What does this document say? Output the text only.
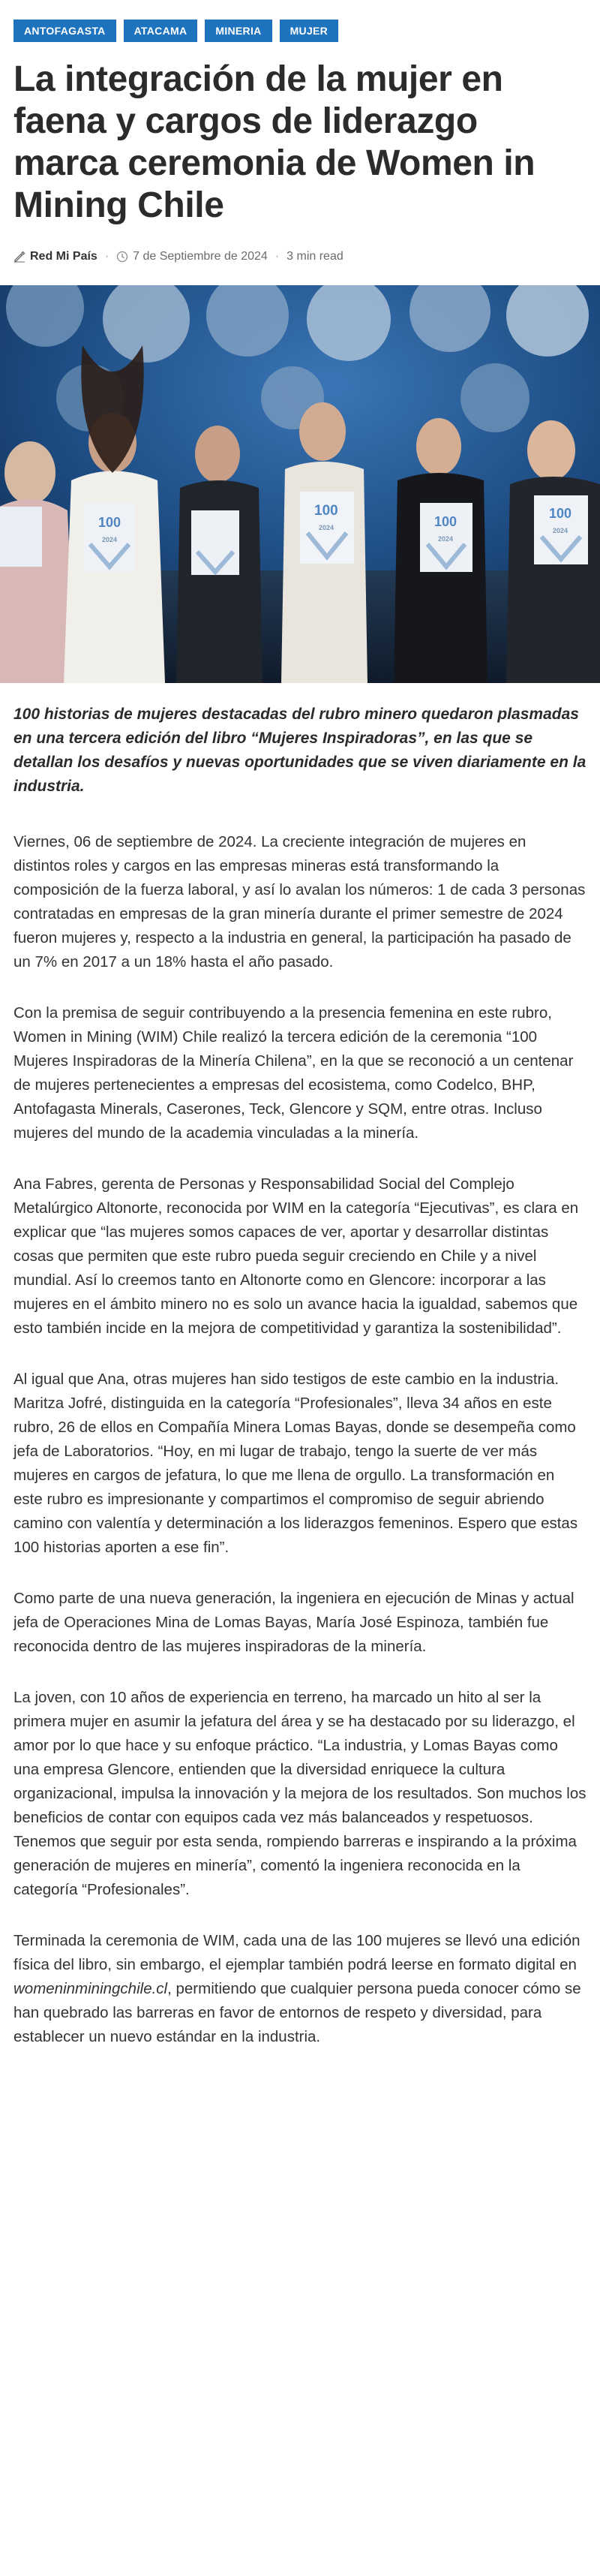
ANTOFAGASTA	ATACAMA	MINERIA	MUJER
La integración de la mujer en faena y cargos de liderazgo marca ceremonia de Women in Mining Chile
Red Mi País · 7 de Septiembre de 2024 · 3 min read
100
100
100
100
2024
2024
2024
2024

100 historias de mujeres destacadas del rubro minero quedaron plasmadas en una tercera edición del libro “Mujeres Inspiradoras”, en las que se detallan los desafíos y nuevas oportunidades que se viven diariamente en la industria.

Viernes, 06 de septiembre de 2024. La creciente integración de mujeres en distintos roles y cargos en las empresas mineras está transformando la composición de la fuerza laboral, y así lo avalan los números: 1 de cada 3 personas contratadas en empresas de la gran minería durante el primer semestre de 2024 fueron mujeres y, respecto a la industria en general, la participación ha pasado de un 7% en 2017 a un 18% hasta el año pasado.

Con la premisa de seguir contribuyendo a la presencia femenina en este rubro, Women in Mining (WIM) Chile realizó la tercera edición de la ceremonia “100 Mujeres Inspiradoras de la Minería Chilena”, en la que se reconoció a un centenar de mujeres pertenecientes a empresas del ecosistema, como Codelco, BHP, Antofagasta Minerals, Caserones, Teck, Glencore y SQM, entre otras. Incluso mujeres del mundo de la academia vinculadas a la minería.

Ana Fabres, gerenta de Personas y Responsabilidad Social del Complejo Metalúrgico Altonorte, reconocida por WIM en la categoría “Ejecutivas”, es clara en explicar que “las mujeres somos capaces de ver, aportar y desarrollar distintas cosas que permiten que este rubro pueda seguir creciendo en Chile y a nivel mundial. Así lo creemos tanto en Altonorte como en Glencore: incorporar a las mujeres en el ámbito minero no es solo un avance hacia la igualdad, sabemos que esto también incide en la mejora de competitividad y garantiza la sostenibilidad”.

Al igual que Ana, otras mujeres han sido testigos de este cambio en la industria. Maritza Jofré, distinguida en la categoría “Profesionales”, lleva 34 años en este rubro, 26 de ellos en Compañía Minera Lomas Bayas, donde se desempeña como jefa de Laboratorios. “Hoy, en mi lugar de trabajo, tengo la suerte de ver más mujeres en cargos de jefatura, lo que me llena de orgullo. La transformación en este rubro es impresionante y compartimos el compromiso de seguir abriendo camino con valentía y determinación a los liderazgos femeninos. Espero que estas 100 historias aporten a ese fin”.

Como parte de una nueva generación, la ingeniera en ejecución de Minas y actual jefa de Operaciones Mina de Lomas Bayas, María José Espinoza, también fue reconocida dentro de las mujeres inspiradoras de la minería.

La joven, con 10 años de experiencia en terreno, ha marcado un hito al ser la primera mujer en asumir la jefatura del área y se ha destacado por su liderazgo, el amor por lo que hace y su enfoque práctico. “La industria, y Lomas Bayas como una empresa Glencore, entienden que la diversidad enriquece la cultura organizacional, impulsa la innovación y la mejora de los resultados. Son muchos los beneficios de contar con equipos cada vez más balanceados y respetuosos. Tenemos que seguir por esta senda, rompiendo barreras e inspirando a la próxima generación de mujeres en minería”, comentó la ingeniera reconocida en la categoría “Profesionales”.

Terminada la ceremonia de WIM, cada una de las 100 mujeres se llevó una edición física del libro, sin embargo, el ejemplar también podrá leerse en formato digital en womeninminingchile.cl, permitiendo que cualquier persona pueda conocer cómo se han quebrado las barreras en favor de entornos de respeto y diversidad, para establecer un nuevo estándar en la industria.
